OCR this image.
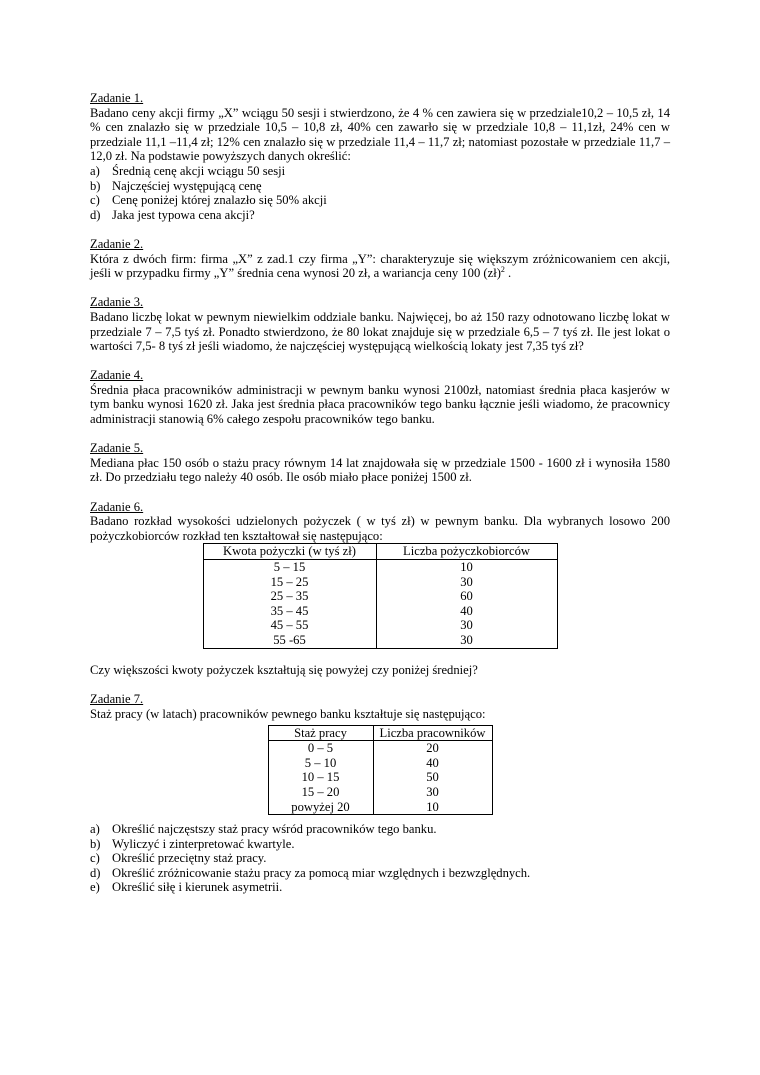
Zadanie 1.

Badano ceny akcji firmy „X” wciągu 50 sesji i stwierdzono, że 4 % cen zawiera się w przedziale10,2 – 10,5 zł, 14 % cen znalazło się w przedziale 10,5 – 10,8 zł, 40% cen zawarło się w przedziale 10,8 – 11,1zł, 24% cen w przedziale 11,1 –11,4 zł; 12% cen znalazło się w przedziale 11,4 – 11,7 zł; natomiast pozostałe w przedziale 11,7 – 12,0 zł. Na podstawie powyższych danych określić:

a) Średnią cenę akcji wciągu 50 sesji
b) Najczęściej występującą cenę
c) Cenę poniżej której znalazło się 50% akcji
d) Jaka jest typowa cena akcji?
Zadanie 2.

Która z dwóch firm: firma „X” z zad.1 czy firma „Y”: charakteryzuje się większym zróżnicowaniem cen akcji, jeśli w przypadku firmy „Y” średnia cena wynosi 20 zł, a wariancja ceny 100 (zł)$^2$ .

Zadanie 3.

Badano liczbę lokat w pewnym niewielkim oddziale banku. Najwięcej, bo aż 150 razy odnotowano liczbę lokat w przedziale 7 – 7,5 tyś zł. Ponadto stwierdzono, że 80 lokat znajduje się w przedziale 6,5 – 7 tyś zł. Ile jest lokat o wartości 7,5- 8 tyś zł jeśli wiadomo, że najczęściej występującą wielkością lokaty jest 7,35 tyś zł?

Zadanie 4.

Średnia płaca pracowników administracji w pewnym banku wynosi 2100zł, natomiast średnia płaca kasjerów w tym banku wynosi 1620 zł. Jaka jest średnia płaca pracowników tego banku łącznie jeśli wiadomo, że pracownicy administracji stanowią 6% całego zespołu pracowników tego banku.

Zadanie 5.

Mediana płac 150 osób o stażu pracy równym 14 lat znajdowała się w przedziale 1500 - 1600 zł i wynosiła 1580 zł. Do przedziału tego należy 40 osób. Ile osób miało płace poniżej 1500 zł.

Zadanie 6.

Badano rozkład wysokości udzielonych pożyczek ( w tyś zł) w pewnym banku. Dla wybranych losowo 200 pożyczkobiorców rozkład ten kształtował się następująco:

Kwota pożyczki (w tyś zł)	Liczba pożyczkobiorców
5 – 15	10
15 – 25	30
25 – 35	60
35 – 45	40
45 – 55	30
55 -65	30

Czy większości kwoty pożyczek kształtują się powyżej czy poniżej średniej?

Zadanie 7.

Staż pracy (w latach) pracowników pewnego banku kształtuje się następująco:

Staż pracy	Liczba pracowników
0 – 5	20
5 – 10	40
10 – 15	50
15 – 20	30
powyżej 20	10
a) Określić najczęstszy staż pracy wśród pracowników tego banku.
b) Wyliczyć i zinterpretować kwartyle.
c) Określić przeciętny staż pracy.
d) Określić zróżnicowanie stażu pracy za pomocą miar względnych i bezwzględnych.
e) Określić siłę i kierunek asymetrii.
